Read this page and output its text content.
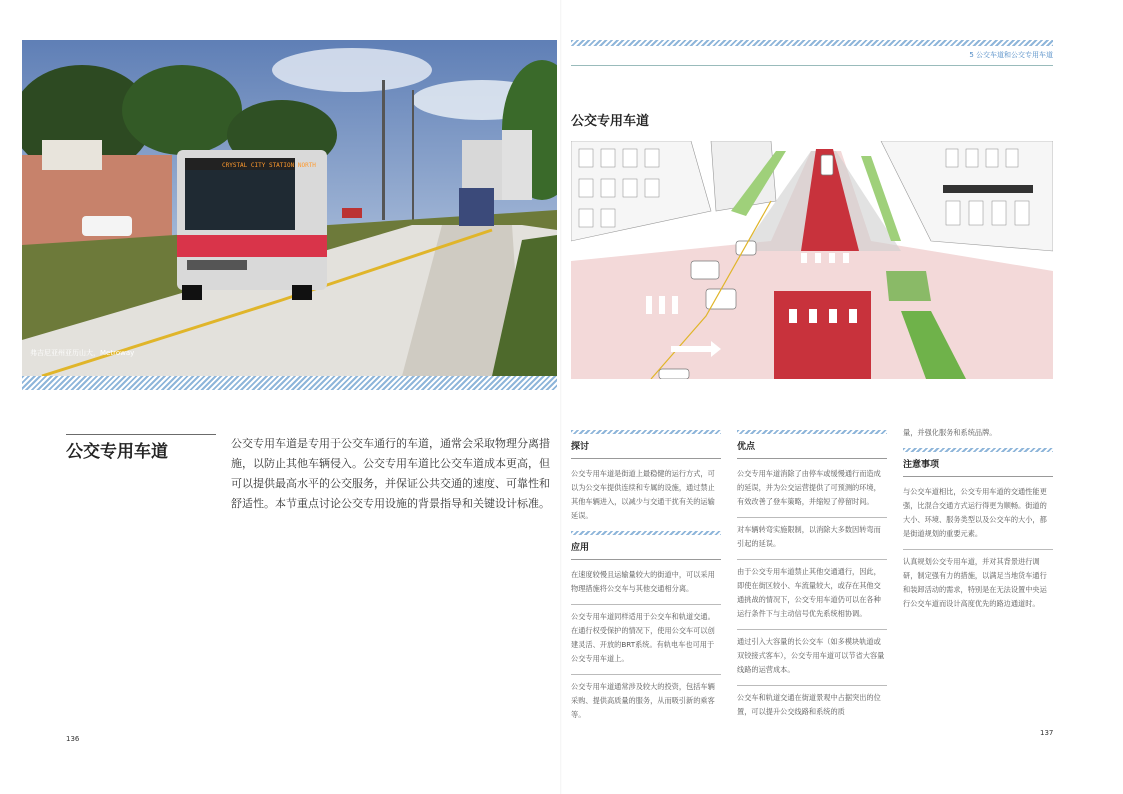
CRYSTAL CITY STATION NORTH
弗吉尼亚州亚历山大，Metroway
公交专用车道	公交专用车道是专用于公交车通行的车道，通常会采取物理分离措施，以防止其他车辆侵入。公交专用车道比公交车道成本更高，但可以提供最高水平的公交服务，并保证公共交通的速度、可靠性和舒适性。本节重点讨论公交专用设施的背景指导和关键设计标准。
136
5 公交车道和公交专用车道
公交专用车道
探讨

公交专用车道是街道上最稳健的运行方式，可以为公交车提供连续和专属的设施，通过禁止其他车辆进入，以减少与交通干扰有关的运输延误。

应用

在速度较慢且运输量较大的街道中，可以采用物理措施将公交车与其他交通相分离。

公交专用车道同样适用于公交车和轨道交通。在通行权受保护的情况下，使用公交车可以创建灵活、开放的BRT系统。有轨电车也可用于公交专用车道上。

公交专用车道通常涉及较大的投资，包括车辆采购、提供高质量的服务，从而吸引新的乘客等。

优点

公交专用车道消除了由停车或缓慢通行而造成的延误，并为公交运营提供了可预测的环境，有效改善了登车策略，并缩短了停留时间。

对车辆转弯实施限制，以消除大多数因转弯而引起的延误。

由于公交专用车道禁止其他交通通行，因此，即使在街区较小、车流量较大，或存在其他交通挑战的情况下，公交专用车道仍可以在各种运行条件下与主动信号优先系统相协调。

通过引入大容量的长公交车（如多模块轨道或双铰接式客车），公交专用车道可以节省大容量线路的运营成本。

公交车和轨道交通在街道景观中占据突出的位置，可以提升公交线路和系统的质

量，并强化服务和系统品牌。

注意事项

与公交车道相比，公交专用车道的交通性能更强，比混合交通方式运行得更为顺畅。街道的大小、环境、服务类型以及公交车的大小，都是街道规划的重要元素。

认真规划公交专用车道，并对其背景进行调研，制定强有力的措施，以满足当地货车通行和装卸活动的需求，特别是在无法设置中央运行公交车道而设计高度优先的路边通道时。

137
